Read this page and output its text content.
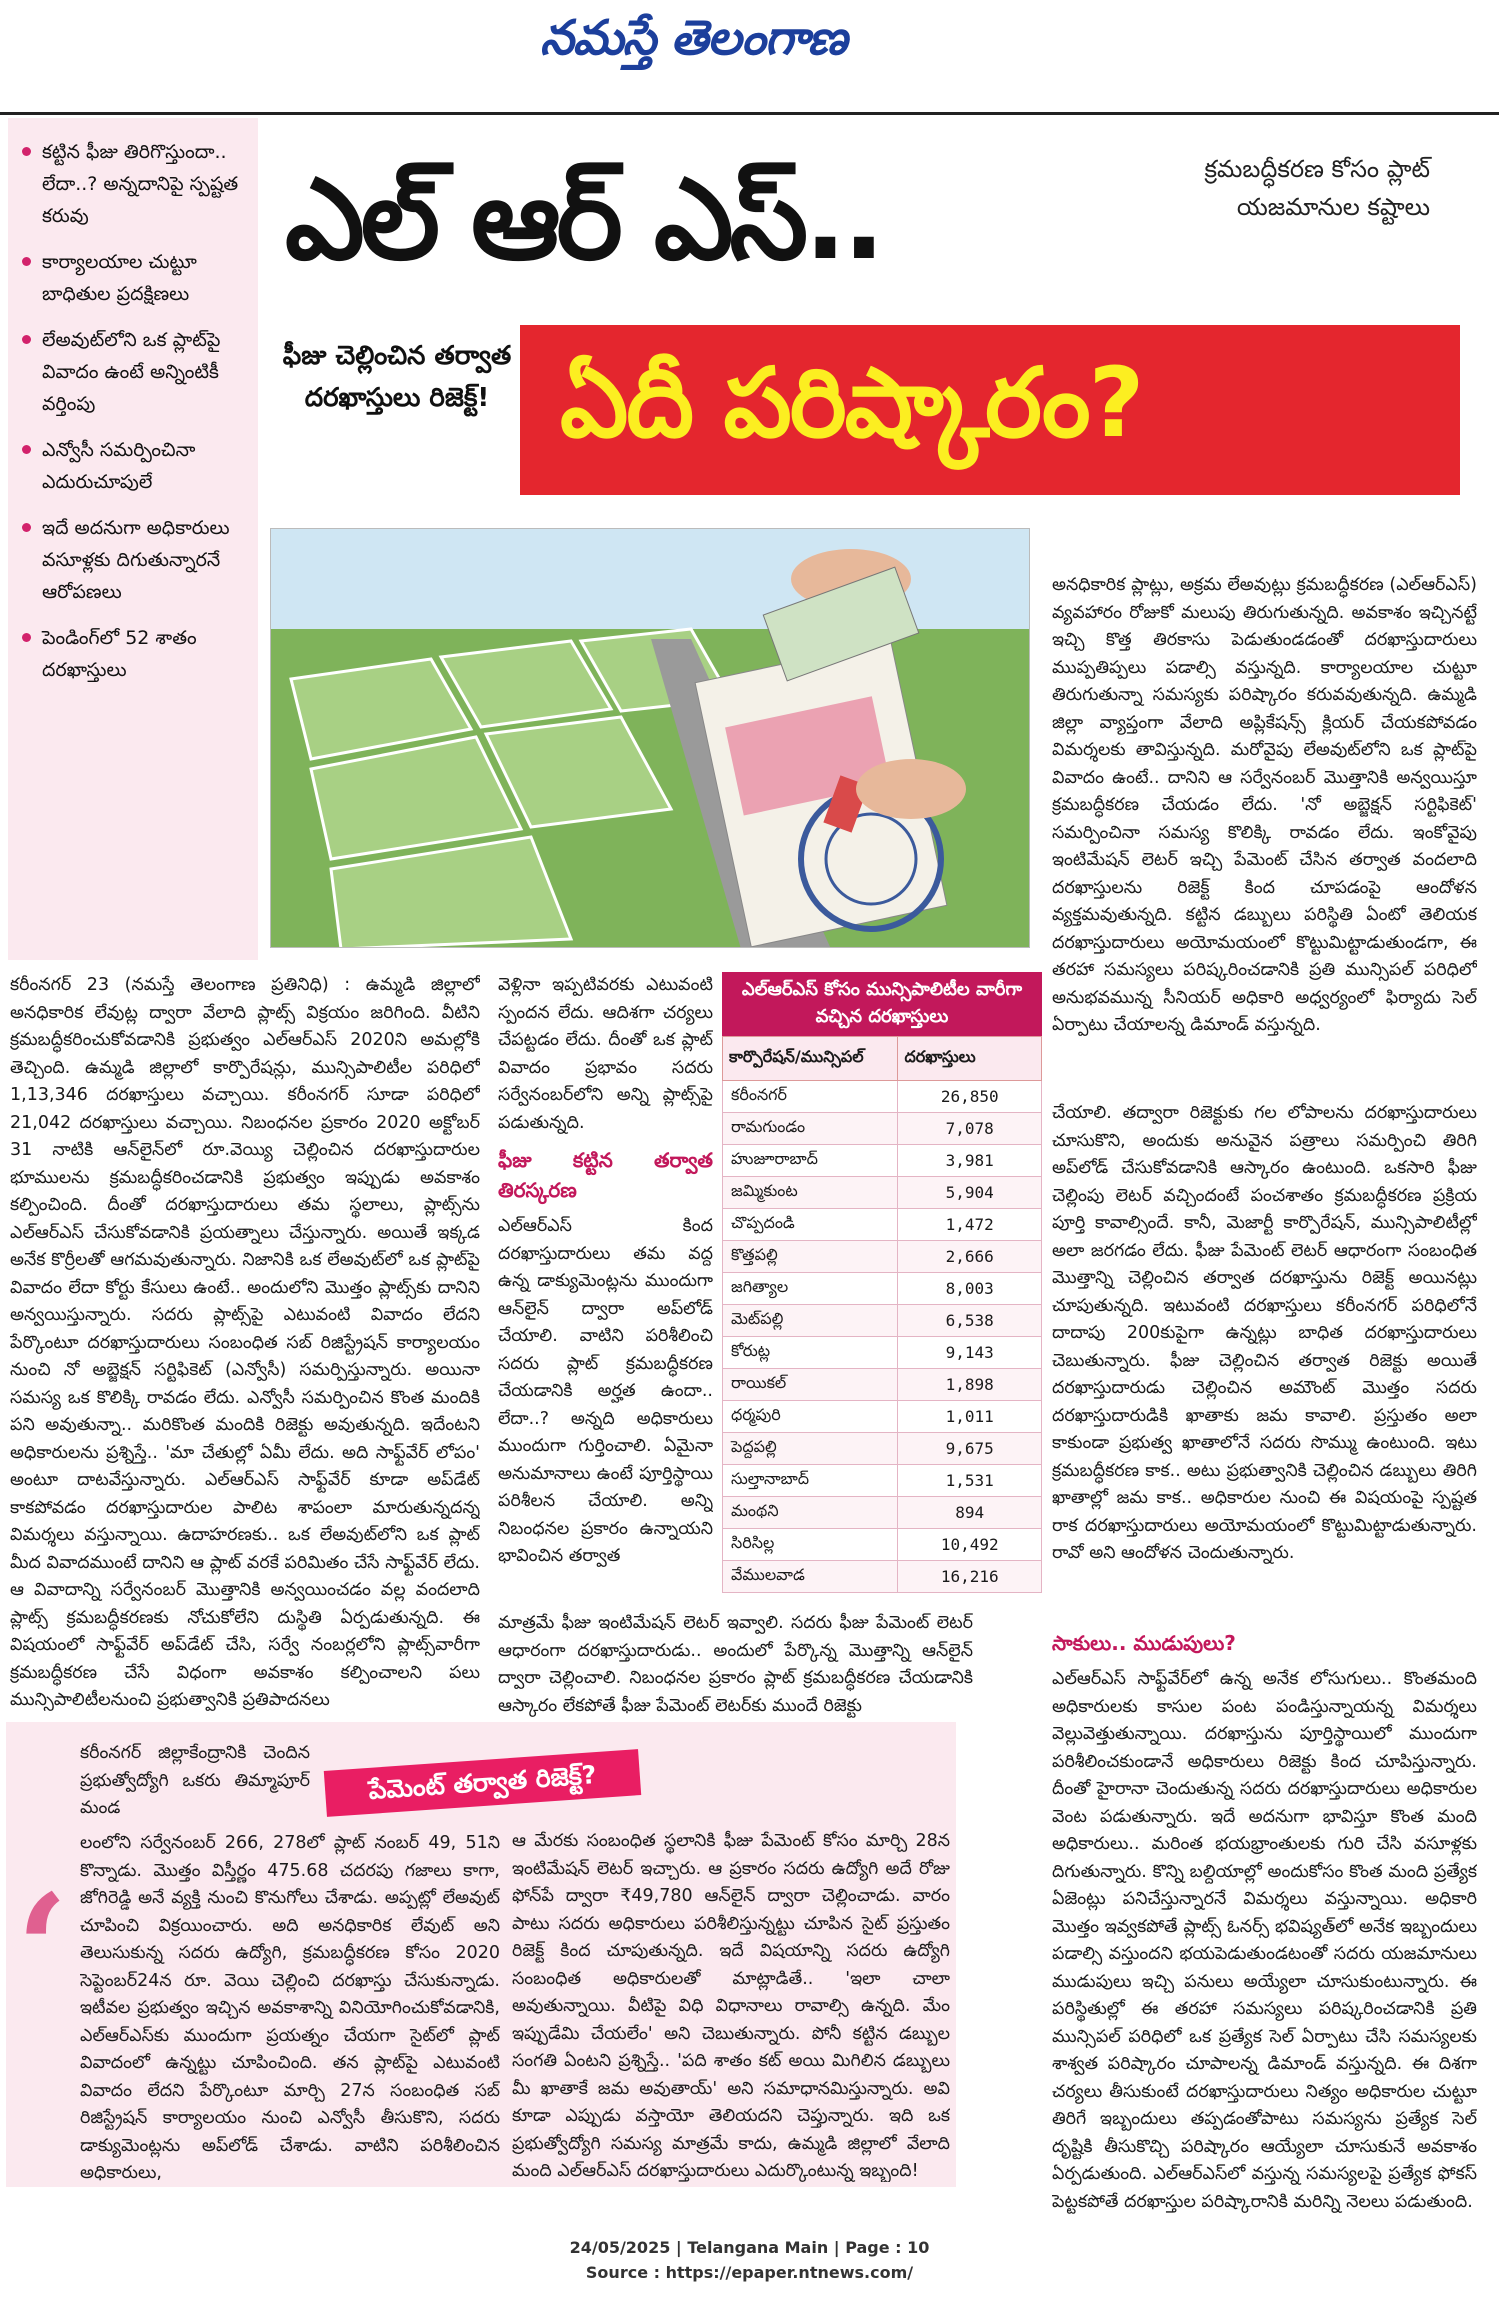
నమస్తే తెలంగాణ
కట్టిన ఫీజు తిరిగొస్తుందా.. లేదా..? అన్నదానిపై స్పష్టత కరువు
కార్యాలయాల చుట్టూ బాధితుల ప్రదక్షిణలు
లేఅవుట్‌లోని ఒక ప్లాట్‌పై వివాదం ఉంటే అన్నింటికీ వర్తింపు
ఎన్వోసీ సమర్పించినా ఎదురుచూపులే
ఇదే అదనుగా అధికారులు వసూళ్లకు దిగుతున్నారనే ఆరోపణలు
పెండింగ్‌లో 52 శాతం దరఖాస్తులు
ఎల్ ఆర్ ఎస్..	క్రమబద్ధీకరణ కోసం ప్లాట్ యజమానుల కష్టాలు
ఫీజు చెల్లించిన తర్వాత దరఖాస్తులు రిజెక్ట్! ఏదీ పరిష్కారం?

కరీంనగర్ 23 (నమస్తే తెలంగాణ ప్రతినిధి) : ఉమ్మడి జిల్లాలో అనధికారిక లేవుట్ల ద్వారా వేలాది ప్లాట్స్ విక్రయం జరిగింది. వీటిని క్రమబద్ధీకరించుకోవడానికి ప్రభుత్వం ఎల్ఆర్ఎస్ 2020ని అమల్లోకి తెచ్చింది. ఉమ్మడి జిల్లాలో కార్పొరేషన్లు, మున్సిపాలిటీల పరిధిలో 1,13,346 దరఖాస్తులు వచ్చాయి. కరీంనగర్ సూడా పరిధిలో 21,042 దరఖాస్తులు వచ్చాయి. నిబంధనల ప్రకారం 2020 అక్టోబర్ 31 నాటికి ఆన్‌లైన్‌లో రూ.వెయ్యి చెల్లించిన దరఖాస్తుదారుల భూములను క్రమబద్ధీకరించడానికి ప్రభుత్వం ఇప్పుడు అవకాశం కల్పించింది. దీంతో దరఖాస్తుదారులు తమ స్థలాలు, ప్లాట్స్‌ను ఎల్ఆర్ఎస్ చేసుకోవడానికి ప్రయత్నాలు చేస్తున్నారు. అయితే ఇక్కడ అనేక కొర్రీలతో ఆగమవుతున్నారు. నిజానికి ఒక లేఅవుట్‌లో ఒక ప్లాట్‌పై వివాదం లేదా కోర్టు కేసులు ఉంటే.. అందులోని మొత్తం ప్లాట్స్‌కు దానిని అన్వయిస్తున్నారు. సదరు ప్లాట్స్‌పై ఎటువంటి వివాదం లేదని పేర్కొంటూ దరఖాస్తుదారులు సంబంధిత సబ్ రిజిస్ట్రేషన్ కార్యాలయం నుంచి నో అబ్జెక్షన్ సర్టిఫికెట్ (ఎన్వోసీ) సమర్పిస్తున్నారు. అయినా సమస్య ఒక కొలిక్కి రావడం లేదు. ఎన్వోసీ సమర్పించిన కొంత మందికి పని అవుతున్నా.. మరికొంత మందికి రిజెక్టు అవుతున్నది. ఇదేంటని అధికారులను ప్రశ్నిస్తే.. 'మా చేతుల్లో ఏమీ లేదు. అది సాఫ్ట్‌వేర్ లోపం' అంటూ దాటవేస్తున్నారు. ఎల్ఆర్ఎస్ సాఫ్ట్‌వేర్ కూడా అప్‌డేట్ కాకపోవడం దరఖాస్తుదారుల పాలిట శాపంలా మారుతున్నదన్న విమర్శలు వస్తున్నాయి. ఉదాహరణకు.. ఒక లేఅవుట్‌లోని ఒక ప్లాట్ మీద వివాదముంటే దానిని ఆ ప్లాట్ వరకే పరిమితం చేసే సాఫ్ట్‌వేర్ లేదు. ఆ వివాదాన్ని సర్వేనంబర్ మొత్తానికి అన్వయించడం వల్ల వందలాది ప్లాట్స్ క్రమబద్ధీకరణకు నోచుకోలేని దుస్థితి ఏర్పడుతున్నది. ఈ విషయంలో సాఫ్ట్‌వేర్ అప్‌డేట్ చేసి, సర్వే నంబర్లలోని ప్లాట్స్‌వారీగా క్రమబద్ధీకరణ చేసే విధంగా అవకాశం కల్పించాలని పలు మున్సిపాలిటీలనుంచి ప్రభుత్వానికి ప్రతిపాదనలు

వెళ్లినా ఇప్పటివరకు ఎటువంటి స్పందన లేదు. ఆదిశగా చర్యలు చేపట్టడం లేదు. దీంతో ఒక ప్లాట్ వివాదం ప్రభావం సదరు సర్వేనంబర్‌లోని అన్ని ప్లాట్స్‌పై పడుతున్నది.

ఫీజు కట్టిన తర్వాత తిరస్కరణ

ఎల్ఆర్ఎస్ కింద దరఖాస్తుదారులు తమ వద్ద ఉన్న డాక్యుమెంట్లను ముందుగా ఆన్‌లైన్ ద్వారా అప్‌లోడ్ చేయాలి. వాటిని పరిశీలించి సదరు ప్లాట్ క్రమబద్ధీకరణ చేయడానికి అర్హత ఉందా.. లేదా..? అన్నది అధికారులు ముందుగా గుర్తించాలి. ఏమైనా అనుమానాలు ఉంటే పూర్తిస్థాయి పరిశీలన చేయాలి. అన్ని నిబంధనల ప్రకారం ఉన్నాయని భావించిన తర్వాత

మాత్రమే ఫీజు ఇంటిమేషన్ లెటర్ ఇవ్వాలి. సదరు ఫీజు పేమెంట్ లెటర్ ఆధారంగా దరఖాస్తుదారుడు.. అందులో పేర్కొన్న మొత్తాన్ని ఆన్‌లైన్ ద్వారా చెల్లించాలి. నిబంధనల ప్రకారం ప్లాట్ క్రమబద్ధీకరణ చేయడానికి ఆస్కారం లేకపోతే ఫీజు పేమెంట్ లెటర్‌కు ముందే రిజెక్టు

ఎల్ఆర్ఎస్ కోసం మున్సిపాలిటీల వారీగా వచ్చిన దరఖాస్తులు
కార్పొరేషన్/మున్సిపల్	దరఖాస్తులు
కరీంనగర్	26,850
రామగుండం	7,078
హుజూరాబాద్	3,981
జమ్మికుంట	5,904
చొప్పదండి	1,472
కొత్తపల్లి	2,666
జగిత్యాల	8,003
మెట్‌పల్లి	6,538
కోరుట్ల	9,143
రాయికల్	1,898
ధర్మపురి	1,011
పెద్దపల్లి	9,675
సుల్తానాబాద్	1,531
మంథని	894
సిరిసిల్ల	10,492
వేములవాడ	16,216

అనధికారిక ప్లాట్లు, అక్రమ లేఅవుట్లు క్రమబద్ధీకరణ (ఎల్ఆర్ఎస్) వ్యవహారం రోజుకో మలుపు తిరుగుతున్నది. అవకాశం ఇచ్చినట్టే ఇచ్చి కొత్త తిరకాసు పెడుతుండడంతో దరఖాస్తుదారులు ముప్పతిప్పలు పడాల్సి వస్తున్నది. కార్యాలయాల చుట్టూ తిరుగుతున్నా సమస్యకు పరిష్కారం కరువవుతున్నది. ఉమ్మడి జిల్లా వ్యాప్తంగా వేలాది అప్లికేషన్స్ క్లియర్ చేయకపోవడం విమర్శలకు తావిస్తున్నది. మరోవైపు లేఅవుట్‌లోని ఒక ప్లాట్‌పై వివాదం ఉంటే.. దానిని ఆ సర్వేనంబర్ మొత్తానికి అన్వయిస్తూ క్రమబద్ధీకరణ చేయడం లేదు. 'నో అబ్జెక్షన్ సర్టిఫికెట్' సమర్పించినా సమస్య కొలిక్కి రావడం లేదు. ఇంకోవైపు ఇంటిమేషన్ లెటర్ ఇచ్చి పేమెంట్ చేసిన తర్వాత వందలాది దరఖాస్తులను రిజెక్ట్ కింద చూపడంపై ఆందోళన వ్యక్తమవుతున్నది. కట్టిన డబ్బులు పరిస్థితి ఏంటో తెలియక దరఖాస్తుదారులు అయోమయంలో కొట్టుమిట్టాడుతుండగా, ఈ తరహా సమస్యలు పరిష్కరించడానికి ప్రతి మున్సిపల్ పరిధిలో అనుభవమున్న సీనియర్ అధికారి అధ్వర్యంలో ఫిర్యాదు సెల్ ఏర్పాటు చేయాలన్న డిమాండ్ వస్తున్నది.

చేయాలి. తద్వారా రిజెక్టుకు గల లోపాలను దరఖాస్తుదారులు చూసుకొని, అందుకు అనువైన పత్రాలు సమర్పించి తిరిగి అప్‌లోడ్ చేసుకోవడానికి ఆస్కారం ఉంటుంది. ఒకసారి ఫీజు చెల్లింపు లెటర్ వచ్చిందంటే పంచశాతం క్రమబద్ధీకరణ ప్రక్రియ పూర్తి కావాల్సిందే. కానీ, మెజార్టీ కార్పొరేషన్, మున్సిపాలిటీల్లో అలా జరగడం లేదు. ఫీజు పేమెంట్ లెటర్ ఆధారంగా సంబంధిత మొత్తాన్ని చెల్లించిన తర్వాత దరఖాస్తును రిజెక్ట్ అయినట్లు చూపుతున్నది. ఇటువంటి దరఖాస్తులు కరీంనగర్ పరిధిలోనే దాదాపు 200కుపైగా ఉన్నట్లు బాధిత దరఖాస్తుదారులు చెబుతున్నారు. ఫీజు చెల్లించిన తర్వాత రిజెక్టు అయితే దరఖాస్తుదారుడు చెల్లించిన అమౌంట్ మొత్తం సదరు దరఖాస్తుదారుడికి ఖాతాకు జమ కావాలి. ప్రస్తుతం అలా కాకుండా ప్రభుత్వ ఖాతాలోనే సదరు సొమ్ము ఉంటుంది. ఇటు క్రమబద్ధీకరణ కాక.. అటు ప్రభుత్వానికి చెల్లించిన డబ్బులు తిరిగి ఖాతాల్లో జమ కాక.. అధికారుల నుంచి ఈ విషయంపై స్పష్టత రాక దరఖాస్తుదారులు అయోమయంలో కొట్టుమిట్టాడుతున్నారు. రావో అని ఆందోళన చెందుతున్నారు.

సాకులు.. ముడుపులు?

ఎల్ఆర్ఎస్ సాఫ్ట్‌వేర్‌లో ఉన్న అనేక లోసుగులు.. కొంతమంది అధికారులకు కాసుల పంట పండిస్తున్నాయన్న విమర్శలు వెల్లువెత్తుతున్నాయి. దరఖాస్తును పూర్తిస్థాయిలో ముందుగా పరిశీలించకుండానే అధికారులు రిజెక్టు కింద చూపిస్తున్నారు. దీంతో హైరానా చెందుతున్న సదరు దరఖాస్తుదారులు అధికారుల వెంట పడుతున్నారు. ఇదే అదనుగా భావిస్తూ కొంత మంది అధికారులు.. మరింత భయభ్రాంతులకు గురి చేసి వసూళ్లకు దిగుతున్నారు. కొన్ని బల్దియాల్లో అందుకోసం కొంత మంది ప్రత్యేక ఏజెంట్లు పనిచేస్తున్నారనే విమర్శలు వస్తున్నాయి. అధికారి మొత్తం ఇవ్వకపోతే ప్లాట్స్ ఓనర్స్ భవిష్యత్‌లో అనేక ఇబ్బందులు పడాల్సి వస్తుందని భయపెడుతుండటంతో సదరు యజమానులు ముడుపులు ఇచ్చి పనులు అయ్యేలా చూసుకుంటున్నారు. ఈ పరిస్థితుల్లో ఈ తరహా సమస్యలు పరిష్కరించడానికి ప్రతి మున్సిపల్ పరిధిలో ఒక ప్రత్యేక సెల్ ఏర్పాటు చేసి సమస్యలకు శాశ్వత పరిష్కారం చూపాలన్న డిమాండ్ వస్తున్నది. ఈ దిశగా చర్యలు తీసుకుంటే దరఖాస్తుదారులు నిత్యం అధికారుల చుట్టూ తిరిగే ఇబ్బందులు తప్పడంతోపాటు సమస్యను ప్రత్యేక సెల్ దృష్టికి తీసుకొచ్చి పరిష్కారం ఆయ్యేలా చూసుకునే అవకాశం ఏర్పడుతుంది. ఎల్ఆర్ఎస్‌లో వస్తున్న సమస్యలపై ప్రత్యేక ఫోకస్ పెట్టకపోతే దరఖాస్తుల పరిష్కారానికి మరిన్ని నెలలు పడుతుంది.

‘

కరీంనగర్ జిల్లాకేంద్రానికి చెందిన ప్రభుత్వోద్యోగి ఒకరు తిమ్మాపూర్ మండ

లంలోని సర్వేనంబర్ 266, 278లో ప్లాట్ నంబర్ 49, 51ని కొన్నాడు. మొత్తం విస్తీర్ణం 475.68 చదరపు గజాలు కాగా, జోగిరెడ్డి అనే వ్యక్తి నుంచి కొనుగోలు చేశాడు. అప్పట్లో లేఅవుట్ చూపించి విక్రయించారు. అది అనధికారిక లేవుట్ అని తెలుసుకున్న సదరు ఉద్యోగి, క్రమబద్ధీకరణ కోసం 2020 సెప్టెంబర్‌24న రూ. వెయి చెల్లించి దరఖాస్తు చేసుకున్నాడు. ఇటీవల ప్రభుత్వం ఇచ్చిన అవకాశాన్ని వినియోగించుకోవడానికి, ఎల్ఆర్ఎస్‌కు ముందుగా ప్రయత్నం చేయగా సైట్‌లో ప్లాట్ వివాదంలో ఉన్నట్టు చూపించింది. తన ప్లాట్‌పై ఎటువంటి వివాదం లేదని పేర్కొంటూ మార్చి 27న సంబంధిత సబ్ రిజిస్ట్రేషన్ కార్యాలయం నుంచి ఎన్వోసీ తీసుకొని, సదరు డాక్యుమెంట్లను అప్‌లోడ్ చేశాడు. వాటిని పరిశీలించిన అధికారులు,

ఆ మేరకు సంబంధిత స్థలానికి ఫీజు పేమెంట్ కోసం మార్చి 28న ఇంటిమేషన్ లెటర్ ఇచ్చారు. ఆ ప్రకారం సదరు ఉద్యోగి అదే రోజు ఫోన్‌పే ద్వారా ₹49,780 ఆన్‌లైన్ ద్వారా చెల్లించాడు. వారం పాటు సదరు అధికారులు పరిశీలిస్తున్నట్టు చూపిన సైట్ ప్రస్తుతం రిజెక్ట్ కింద చూపుతున్నది. ఇదే విషయాన్ని సదరు ఉద్యోగి సంబంధిత అధికారులతో మాట్లాడితే.. 'ఇలా చాలా అవుతున్నాయి. వీటిపై విధి విధానాలు రావాల్సి ఉన్నది. మేం ఇప్పుడేమి చేయలేం' అని చెబుతున్నారు. పోనీ కట్టిన డబ్బుల సంగతి ఏంటని ప్రశ్నిస్తే.. 'పది శాతం కట్ అయి మిగిలిన డబ్బులు మీ ఖాతాకే జమ అవుతాయ్' అని సమాధానమిస్తున్నారు. అవి కూడా ఎప్పుడు వస్తాయో తెలియదని చెప్తున్నారు. ఇది ఒక ప్రభుత్వోద్యోగి సమస్య మాత్రమే కాదు, ఉమ్మడి జిల్లాలో వేలాది మంది ఎల్ఆర్ఎస్ దరఖాస్తుదారులు ఎదుర్కొంటున్న ఇబ్బంది!

పేమెంట్ తర్వాత రిజెక్ట్?
24/05/2025 | Telangana Main | Page : 10
Source : https://epaper.ntnews.com/
